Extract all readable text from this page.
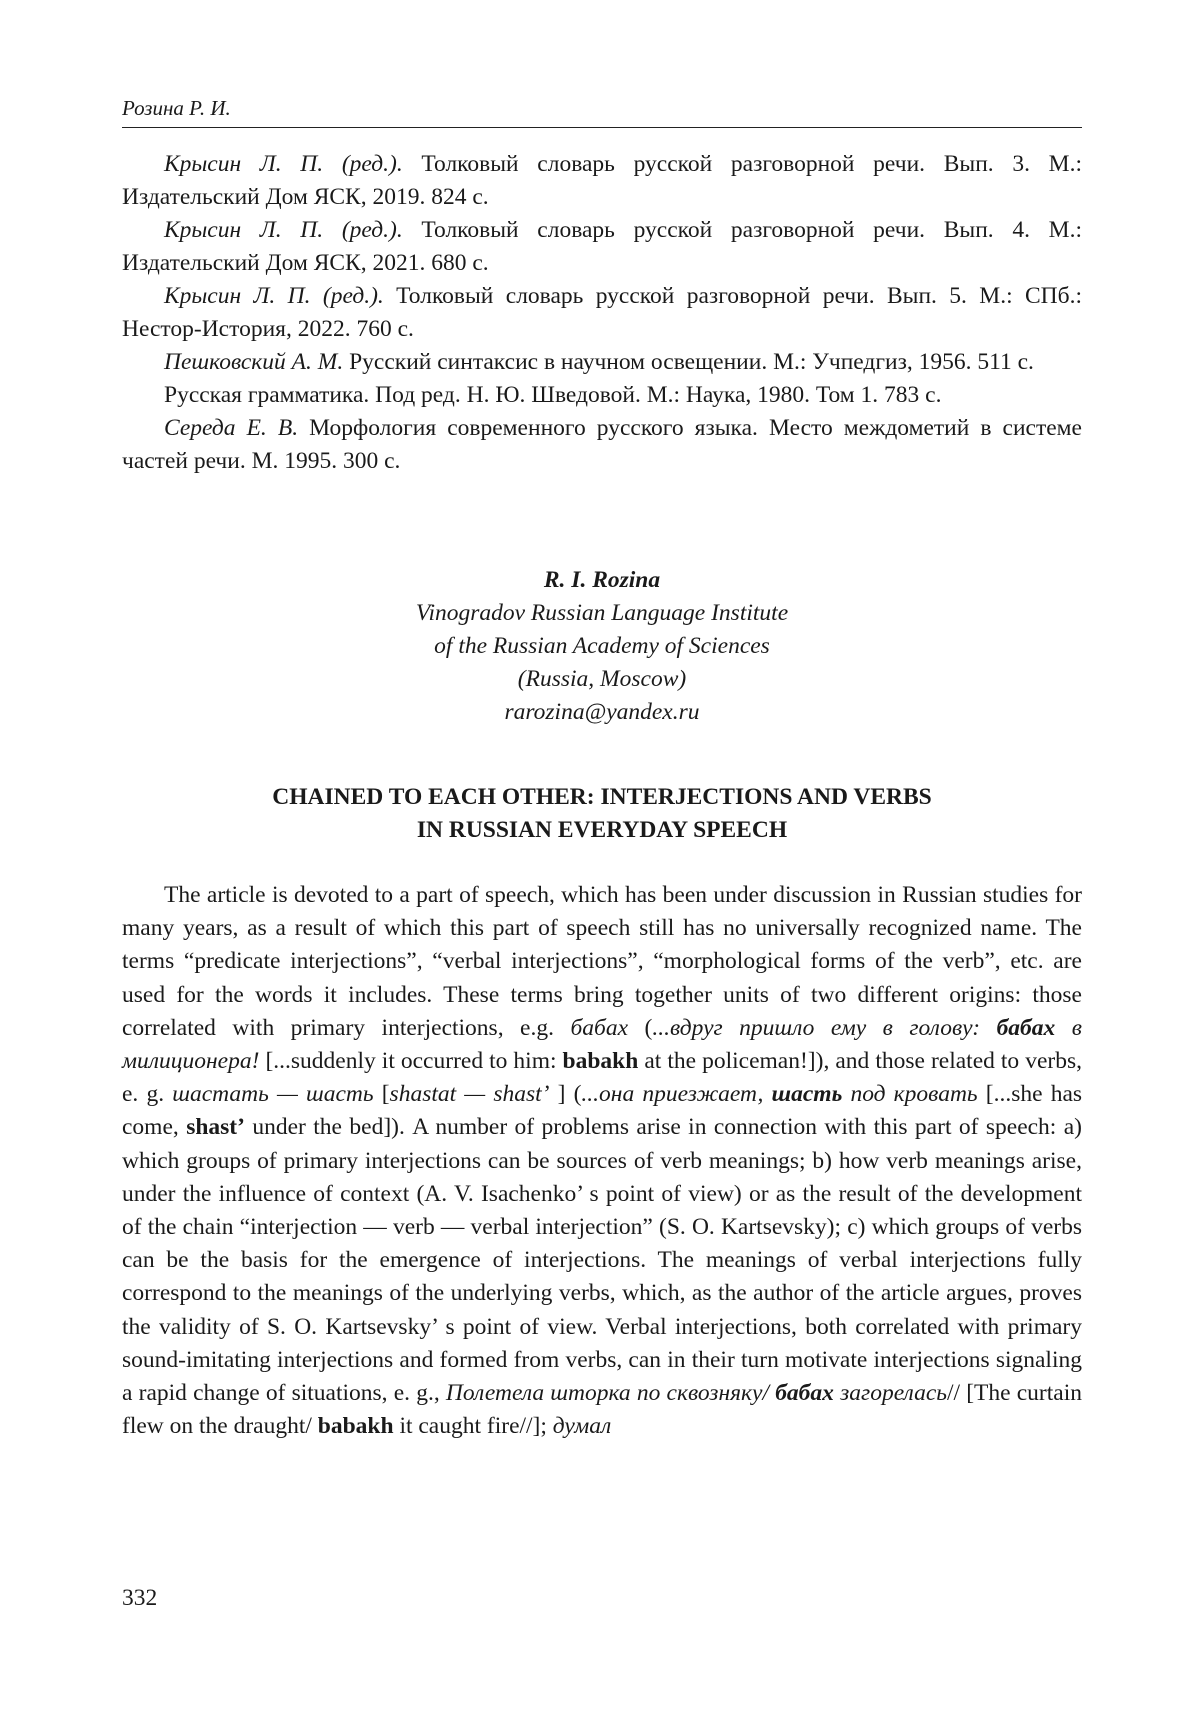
Розина Р. И.

Крысин Л. П. (ред.). Толковый словарь русской разговорной речи. Вып. 3. М.: Издательский Дом ЯСК, 2019. 824 с.

Крысин Л. П. (ред.). Толковый словарь русской разговорной речи. Вып. 4. М.: Издательский Дом ЯСК, 2021. 680 с.

Крысин Л. П. (ред.). Толковый словарь русской разговорной речи. Вып. 5. М.: СПб.: Нестор-История, 2022. 760 с.

Пешковский А. М. Русский синтаксис в научном освещении. М.: Учпедгиз, 1956. 511 с.

Русская грамматика. Под ред. Н. Ю. Шведовой. М.: Наука, 1980. Том 1. 783 с.

Середа Е. В. Морфология современного русского языка. Место междометий в системе частей речи. М. 1995. 300 с.

R. I. Rozina
Vinogradov Russian Language Institute
of the Russian Academy of Sciences
(Russia, Moscow)
rarozina@yandex.ru
CHAINED TO EACH OTHER: INTERJECTIONS AND VERBS
IN RUSSIAN EVERYDAY SPEECH
The article is devoted to a part of speech, which has been under discussion in Russian studies for many years, as a result of which this part of speech still has no universally recognized name. The terms “predicate interjections”, “verbal interjections”, “morphological forms of the verb”, etc. are used for the words it includes. These terms bring together units of two different origins: those correlated with primary interjections, e.g. бабах (...вдруг пришло ему в голову: бабах в милиционера! [...suddenly it occurred to him: babakh at the policeman!]), and those related to verbs, e. g. шастать — шасть [shastat — shast’ ] (...она приезжает, шасть под кровать [...she has come, shast’ under the bed]). A number of problems arise in connection with this part of speech: a) which groups of primary interjections can be sources of verb meanings; b) how verb meanings arise, under the influence of context (A. V. Isachenko’ s point of view) or as the result of the development of the chain “interjection — verb — verbal interjection” (S. O. Kartsevsky); c) which groups of verbs can be the basis for the emergence of interjections. The meanings of verbal interjections fully correspond to the meanings of the underlying verbs, which, as the author of the article argues, proves the validity of S. O. Kartsevsky’ s point of view. Verbal interjections, both correlated with primary sound-imitating interjections and formed from verbs, can in their turn motivate interjections signaling a rapid change of situations, e. g., Полетела шторка по сквозняку/ бабах загорелась// [The curtain flew on the draught/ babakh it caught fire//]; думал
332
